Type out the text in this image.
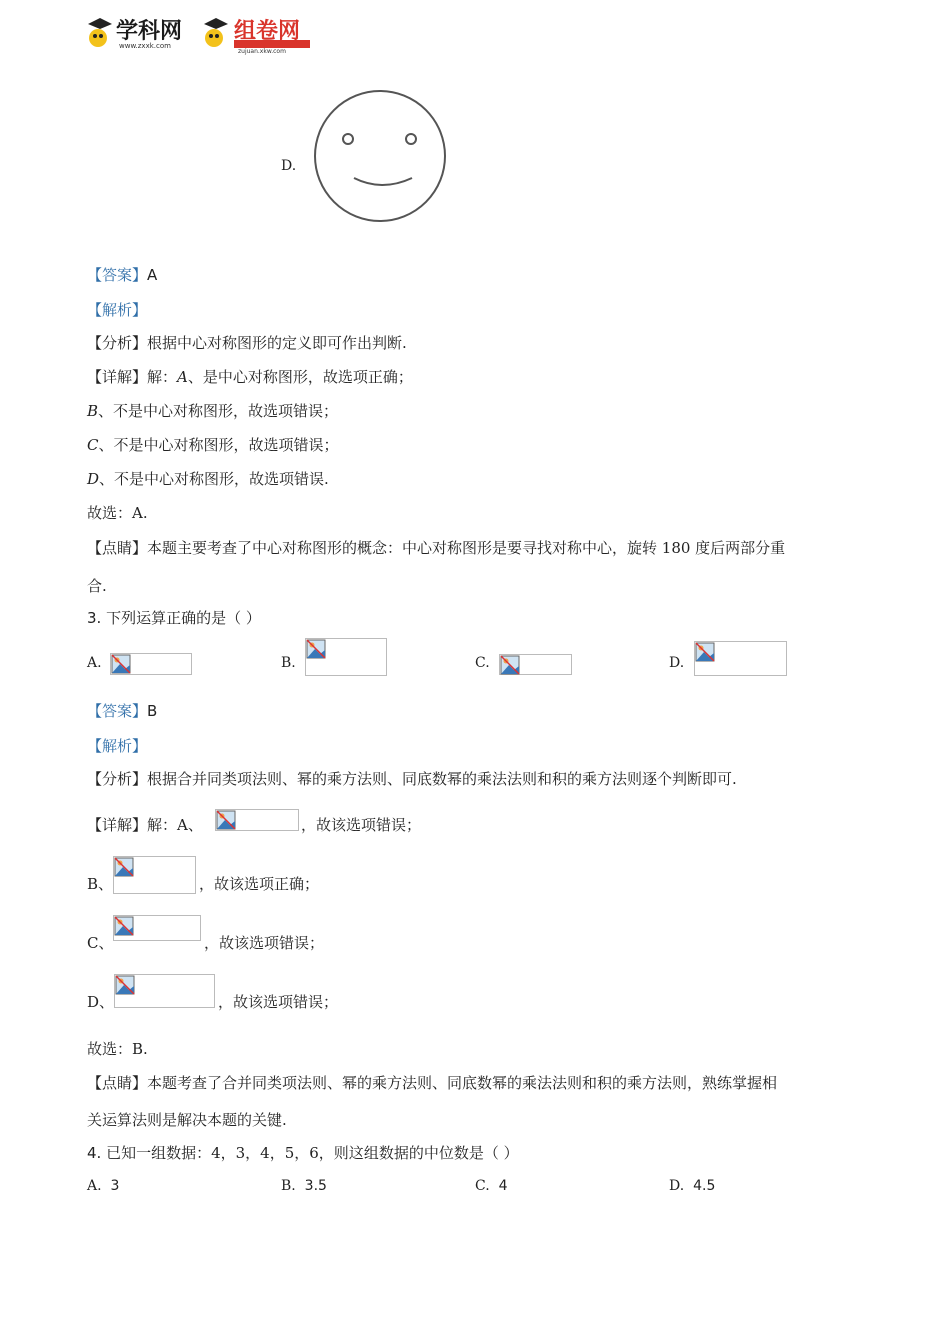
学科网
www.zxxk.com
组卷网
zujuan.xkw.com
D.
【答案】A
【解析】
【分析】根据中心对称图形的定义即可作出判断.
【详解】解：A、是中心对称图形，故选项正确；
B、不是中心对称图形，故选项错误；
C、不是中心对称图形，故选项错误；
D、不是中心对称图形，故选项错误.
故选：A.
【点睛】本题主要考查了中心对称图形的概念：中心对称图形是要寻找对称中心，旋转 180 度后两部分重
合.
3. 下列运算正确的是（ ）
A.	B.	C.	D.
【答案】B
【解析】
【分析】根据合并同类项法则、幂的乘方法则、同底数幂的乘法法则和积的乘方法则逐个判断即可.
【详解】解：A、	，故该选项错误；
B、	，故该选项正确；
C、	，故该选项错误；
D、	，故该选项错误；
故选：B.
【点睛】本题考查了合并同类项法则、幂的乘方法则、同底数幂的乘法法则和积的乘方法则，熟练掌握相
关运算法则是解决本题的关键.
4. 已知一组数据：4，3，4，5，6，则这组数据的中位数是（ ）
A. 3	B. 3.5	C. 4	D. 4.5
